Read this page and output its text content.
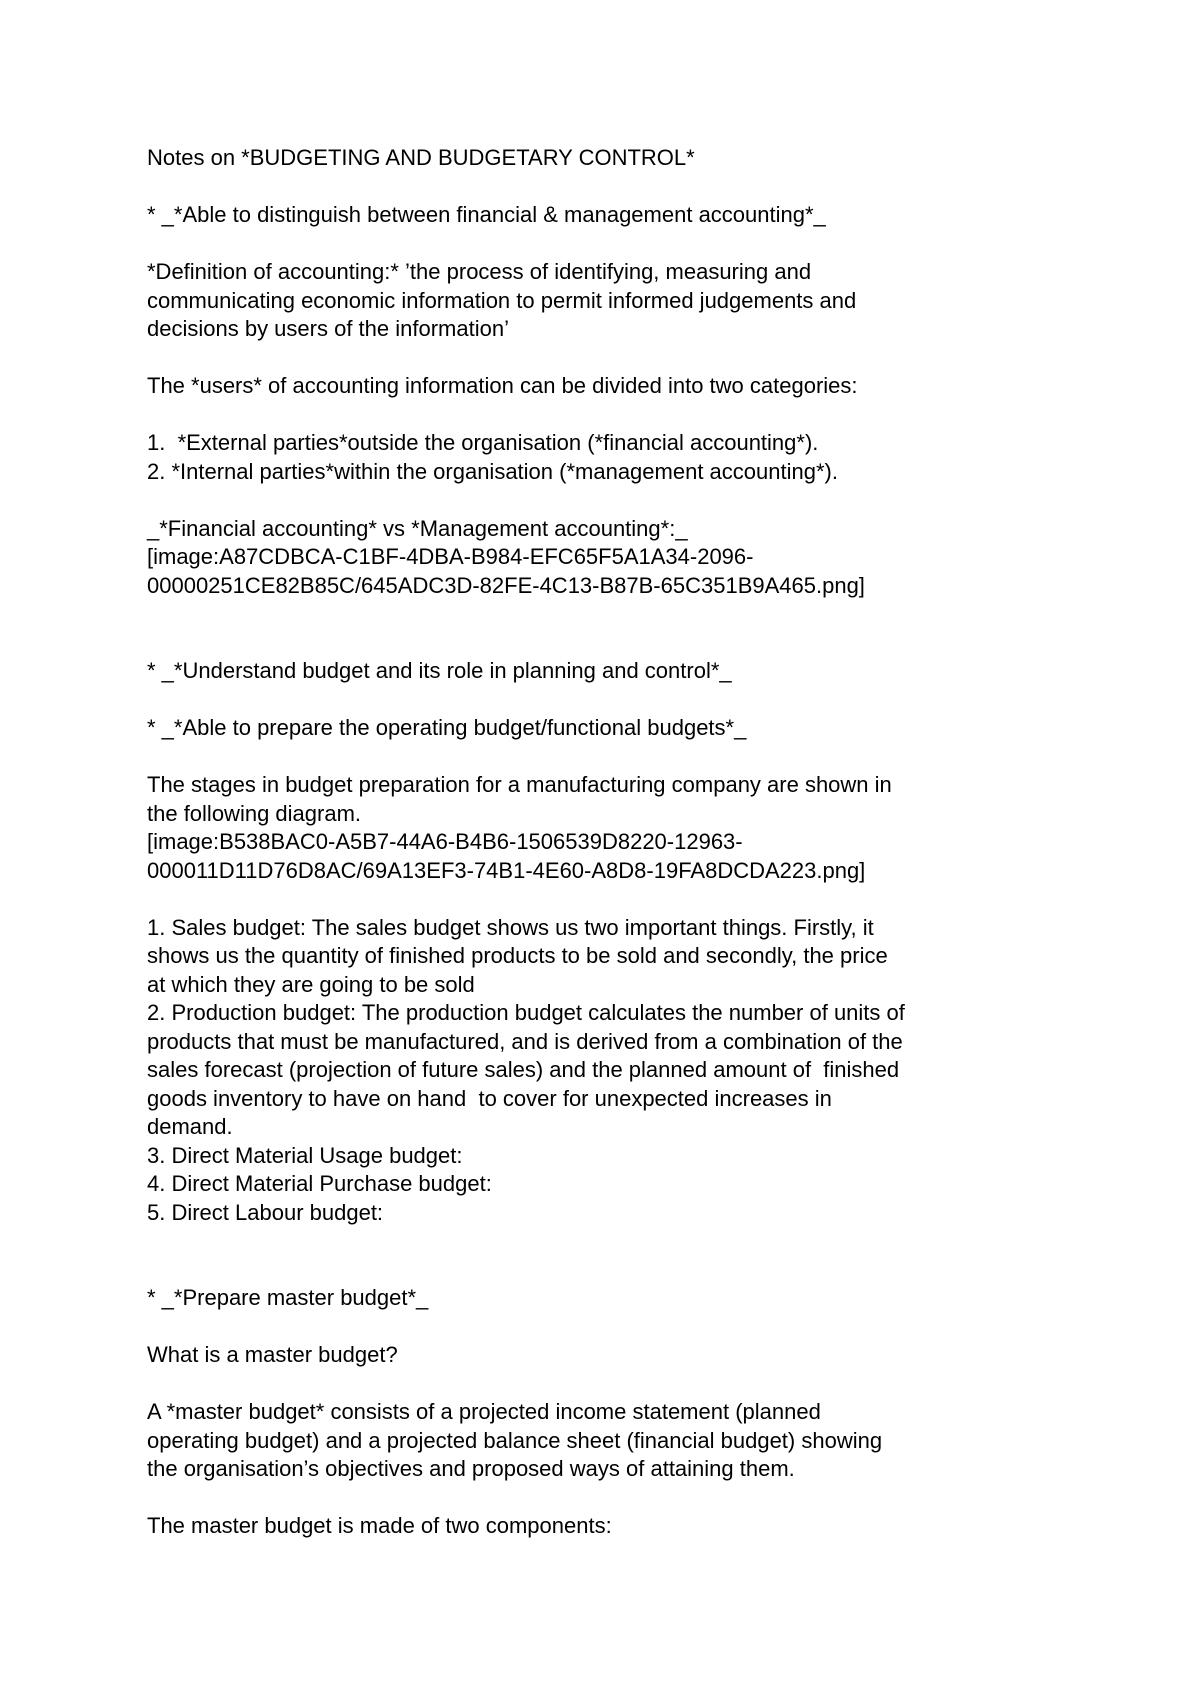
Notes on *BUDGETING AND BUDGETARY CONTROL*
* _*Able to distinguish between financial & management accounting*_
*Definition of accounting:* ’the process of identifying, measuring and
communicating economic information to permit informed judgements and
decisions by users of the information’
The *users* of accounting information can be divided into two categories:
1.  *External parties*outside the organisation (*financial accounting*).
2. *Internal parties*within the organisation (*management accounting*).
_*Financial accounting* vs *Management accounting*:_
[image:A87CDBCA-C1BF-4DBA-B984-EFC65F5A1A34-2096-
00000251CE82B85C/645ADC3D-82FE-4C13-B87B-65C351B9A465.png]
* _*Understand budget and its role in planning and control*_
* _*Able to prepare the operating budget/functional budgets*_
The stages in budget preparation for a manufacturing company are shown in
the following diagram.
[image:B538BAC0-A5B7-44A6-B4B6-1506539D8220-12963-
000011D11D76D8AC/69A13EF3-74B1-4E60-A8D8-19FA8DCDA223.png]
1. Sales budget: The sales budget shows us two important things. Firstly, it
shows us the quantity of finished products to be sold and secondly, the price
at which they are going to be sold
2. Production budget: The production budget calculates the number of units of
products that must be manufactured, and is derived from a combination of the
sales forecast (projection of future sales) and the planned amount of  finished
goods inventory to have on hand  to cover for unexpected increases in
demand.
3. Direct Material Usage budget:
4. Direct Material Purchase budget:
5. Direct Labour budget:
* _*Prepare master budget*_
What is a master budget?
A *master budget* consists of a projected income statement (planned
operating budget) and a projected balance sheet (financial budget) showing
the organisation’s objectives and proposed ways of attaining them.
The master budget is made of two components:
